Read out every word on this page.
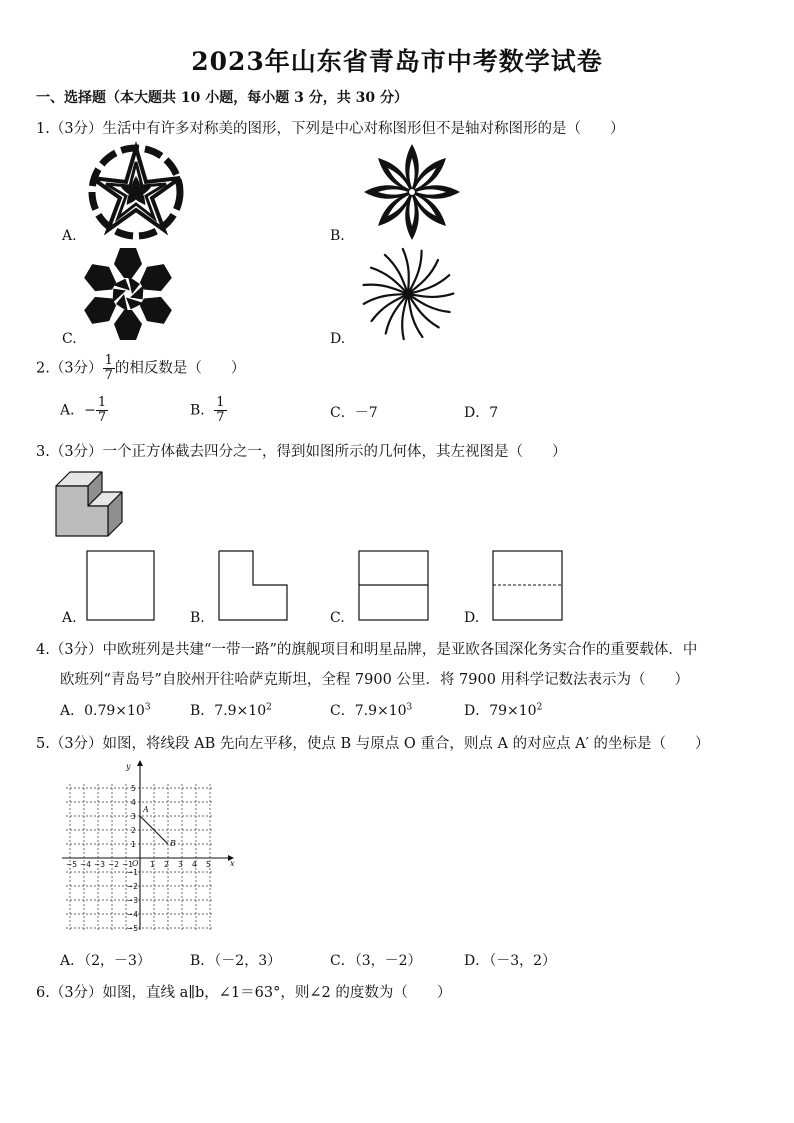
2023年山东省青岛市中考数学试卷
一、选择题（本大题共 10 小题，每小题 3 分，共 30 分）
1.（3分）生活中有许多对称美的图形，下列是中心对称图形但不是轴对称图形的是（　　）
A.	B.
C.	D.
2.（3分） $\frac{1}{7}$ 的相反数是（　　）
A．− $\frac{1}{7}$	B． $\frac{1}{7}$	C．－7	D．7
3.（3分）一个正方体截去四分之一，得到如图所示的几何体，其左视图是（　　）
A.	B.	C.	D.
4.（3分）中欧班列是共建“一带一路”的旗舰项目和明星品牌，是亚欧各国深化务实合作的重要载体．中
欧班列“青岛号”自胶州开往哈萨克斯坦，全程 7900 公里．将 7900 用科学记数法表示为（　　）
A．$0.79\times 10^3$	B．$7.9\times 10^2$	C．$7.9\times 10^3$	D．$79\times 10^2$
5.（3分）如图，将线段 AB 先向左平移，使点 B 与原点 O 重合，则点 A 的对应点 A′ 的坐标是（　　）
−5 −4 −3 −2 −1 1 2 3 4 5
5
4
3
2
1
−1
−2
−3
−4
−5
x
y
O
A
B
A．（2，－3）	B．（－2，3）	C．（3，－2）	D．（－3，2）
6.（3分）如图，直线 a∥b，∠1＝63°，则∠2 的度数为（　　）
